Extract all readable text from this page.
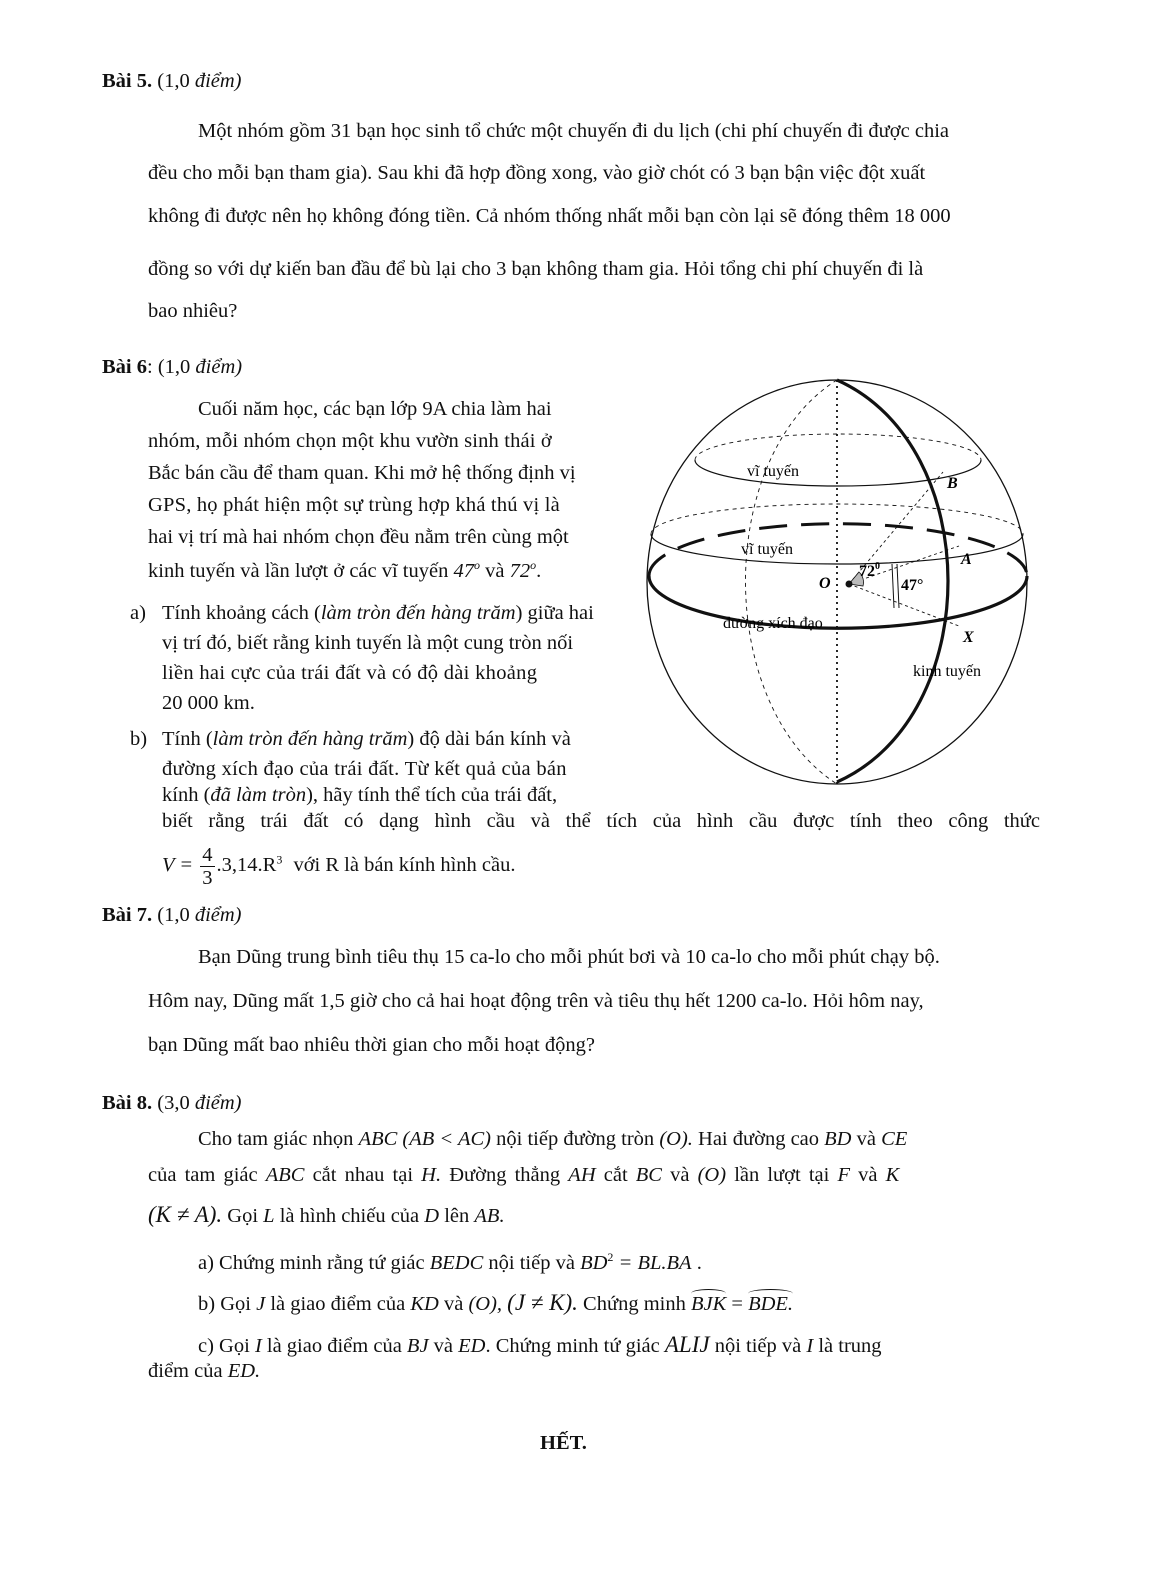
Bài 5. (1,0 điểm)
Một nhóm gồm 31 bạn học sinh tổ chức một chuyến đi du lịch (chi phí chuyến đi được chia
đều cho mỗi bạn tham gia). Sau khi đã hợp đồng xong, vào giờ chót có 3 bạn bận việc đột xuất
không đi được nên họ không đóng tiền. Cả nhóm thống nhất mỗi bạn còn lại sẽ đóng thêm 18 000
đồng so với dự kiến ban đầu để bù lại cho 3 bạn không tham gia. Hỏi tổng chi phí chuyến đi là
bao nhiêu?
Bài 6: (1,0 điểm)
Cuối năm học, các bạn lớp 9A chia làm hai
nhóm, mỗi nhóm chọn một khu vườn sinh thái ở
Bắc bán cầu để tham quan. Khi mở hệ thống định vị
GPS, họ phát hiện một sự trùng hợp khá thú vị là
hai vị trí mà hai nhóm chọn đều nằm trên cùng một
kinh tuyến và lần lượt ở các vĩ tuyến 47$^o$ và 72$^o$.
a) Tính khoảng cách (làm tròn đến hàng trăm) giữa hai
vị trí đó, biết rằng kinh tuyến là một cung tròn nối
liền hai cực của trái đất và có độ dài khoảng
20 000 km.
b) Tính (làm tròn đến hàng trăm) độ dài bán kính và
đường xích đạo của trái đất. Từ kết quả của bán
kính (đã làm tròn), hãy tính thể tích của trái đất,
biết rằng trái đất có dạng hình cầu và thể tích của hình cầu được tính theo công thức
$V = \frac{4}{3} .3,14.R^3$ với R là bán kính hình cầu.
vĩ tuyến
vĩ tuyến
đường xích đạo
kinh tuyến
O
A
B
X
$72^0$
47°
Bài 7. (1,0 điểm)
Bạn Dũng trung bình tiêu thụ 15 ca-lo cho mỗi phút bơi và 10 ca-lo cho mỗi phút chạy bộ.
Hôm nay, Dũng mất 1,5 giờ cho cả hai hoạt động trên và tiêu thụ hết 1200 ca-lo. Hỏi hôm nay,
bạn Dũng mất bao nhiêu thời gian cho mỗi hoạt động?
Bài 8. (3,0 điểm)
Cho tam giác nhọn ABC (AB < AC) nội tiếp đường tròn (O). Hai đường cao BD và CE
của tam giác ABC cắt nhau tại H. Đường thẳng AH cắt BC và (O) lần lượt tại F và K
(K ≠ A). Gọi L là hình chiếu của D lên AB.
a) Chứng minh rằng tứ giác BEDC nội tiếp và $BD^2 = BL.BA$ .
b) Gọi J là giao điểm của KD và (O), (J ≠ K). Chứng minh BJK = BDE.
c) Gọi I là giao điểm của BJ và ED. Chứng minh tứ giác ALIJ nội tiếp và I là trung
điểm của ED.
HẾT.
